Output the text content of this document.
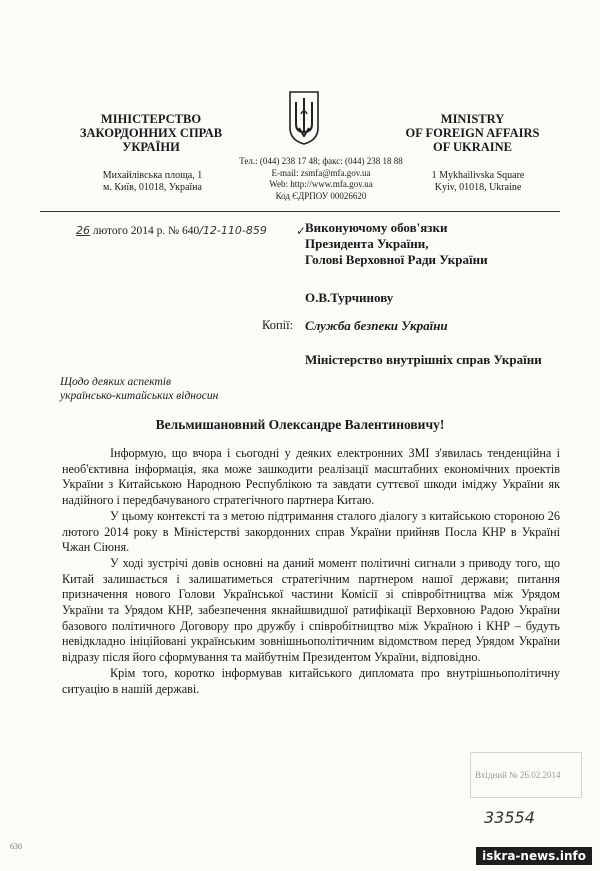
МІНІСТЕРСТВО
ЗАКОРДОННИХ СПРАВ
УКРАЇНИ
MINISTRY
OF FOREIGN AFFAIRS
OF UKRAINE
Михайлівська площа, 1
м. Київ, 01018, Україна
Тел.: (044) 238 17 48; факс: (044) 238 18 88
E-mail: zsmfa@mfa.gov.ua
Web: http://www.mfa.gov.ua
Код ЄДРПОУ 00026620
1 Mykhailivska Square
Kyiv, 01018, Ukraine
26 лютого 2014 р. № 640/12-110-859 ✓
Виконуючому обов'язки
Президента України,
Голові Верховної Ради України
О.В.Турчинову
Копії: Служба безпеки України
Міністерство внутрішніх справ України
Щодо деяких аспектів
українсько-китайських відносин
Вельмишановний Олександре Валентиновичу!

Інформую, що вчора і сьогодні у деяких електронних ЗМІ з'явилась тенденційна і необ'єктивна інформація, яка може зашкодити реалізації масштабних економічних проектів України з Китайською Народною Республікою та завдати суттєвої шкоди іміджу України як надійного і передбачуваного стратегічного партнера Китаю.

У цьому контексті та з метою підтримання сталого діалогу з китайською стороною 26 лютого 2014 року в Міністерстві закордонних справ України прийняв Посла КНР в Україні Чжан Сіюня.

У ході зустрічі довів основні на даний момент політичні сигнали з приводу того, що Китай залишається і залишатиметься стратегічним партнером нашої держави; питання призначення нового Голови Української частини Комісії зі співробітництва між Урядом України та Урядом КНР, забезпечення якнайшвидшої ратифікації Верховною Радою України базового політичного Договору про дружбу і співробітництво між Україною і КНР – будуть невідкладно ініційовані українським зовнішньополітичним відомством перед Урядом України відразу після його сформування та майбутнім Президентом України, відповідно.

Крім того, коротко інформував китайського дипломата про внутрішньополітичну ситуацію в нашій державі.

Вхідний № 26.02.2014
33554
630
iskra-news.info
